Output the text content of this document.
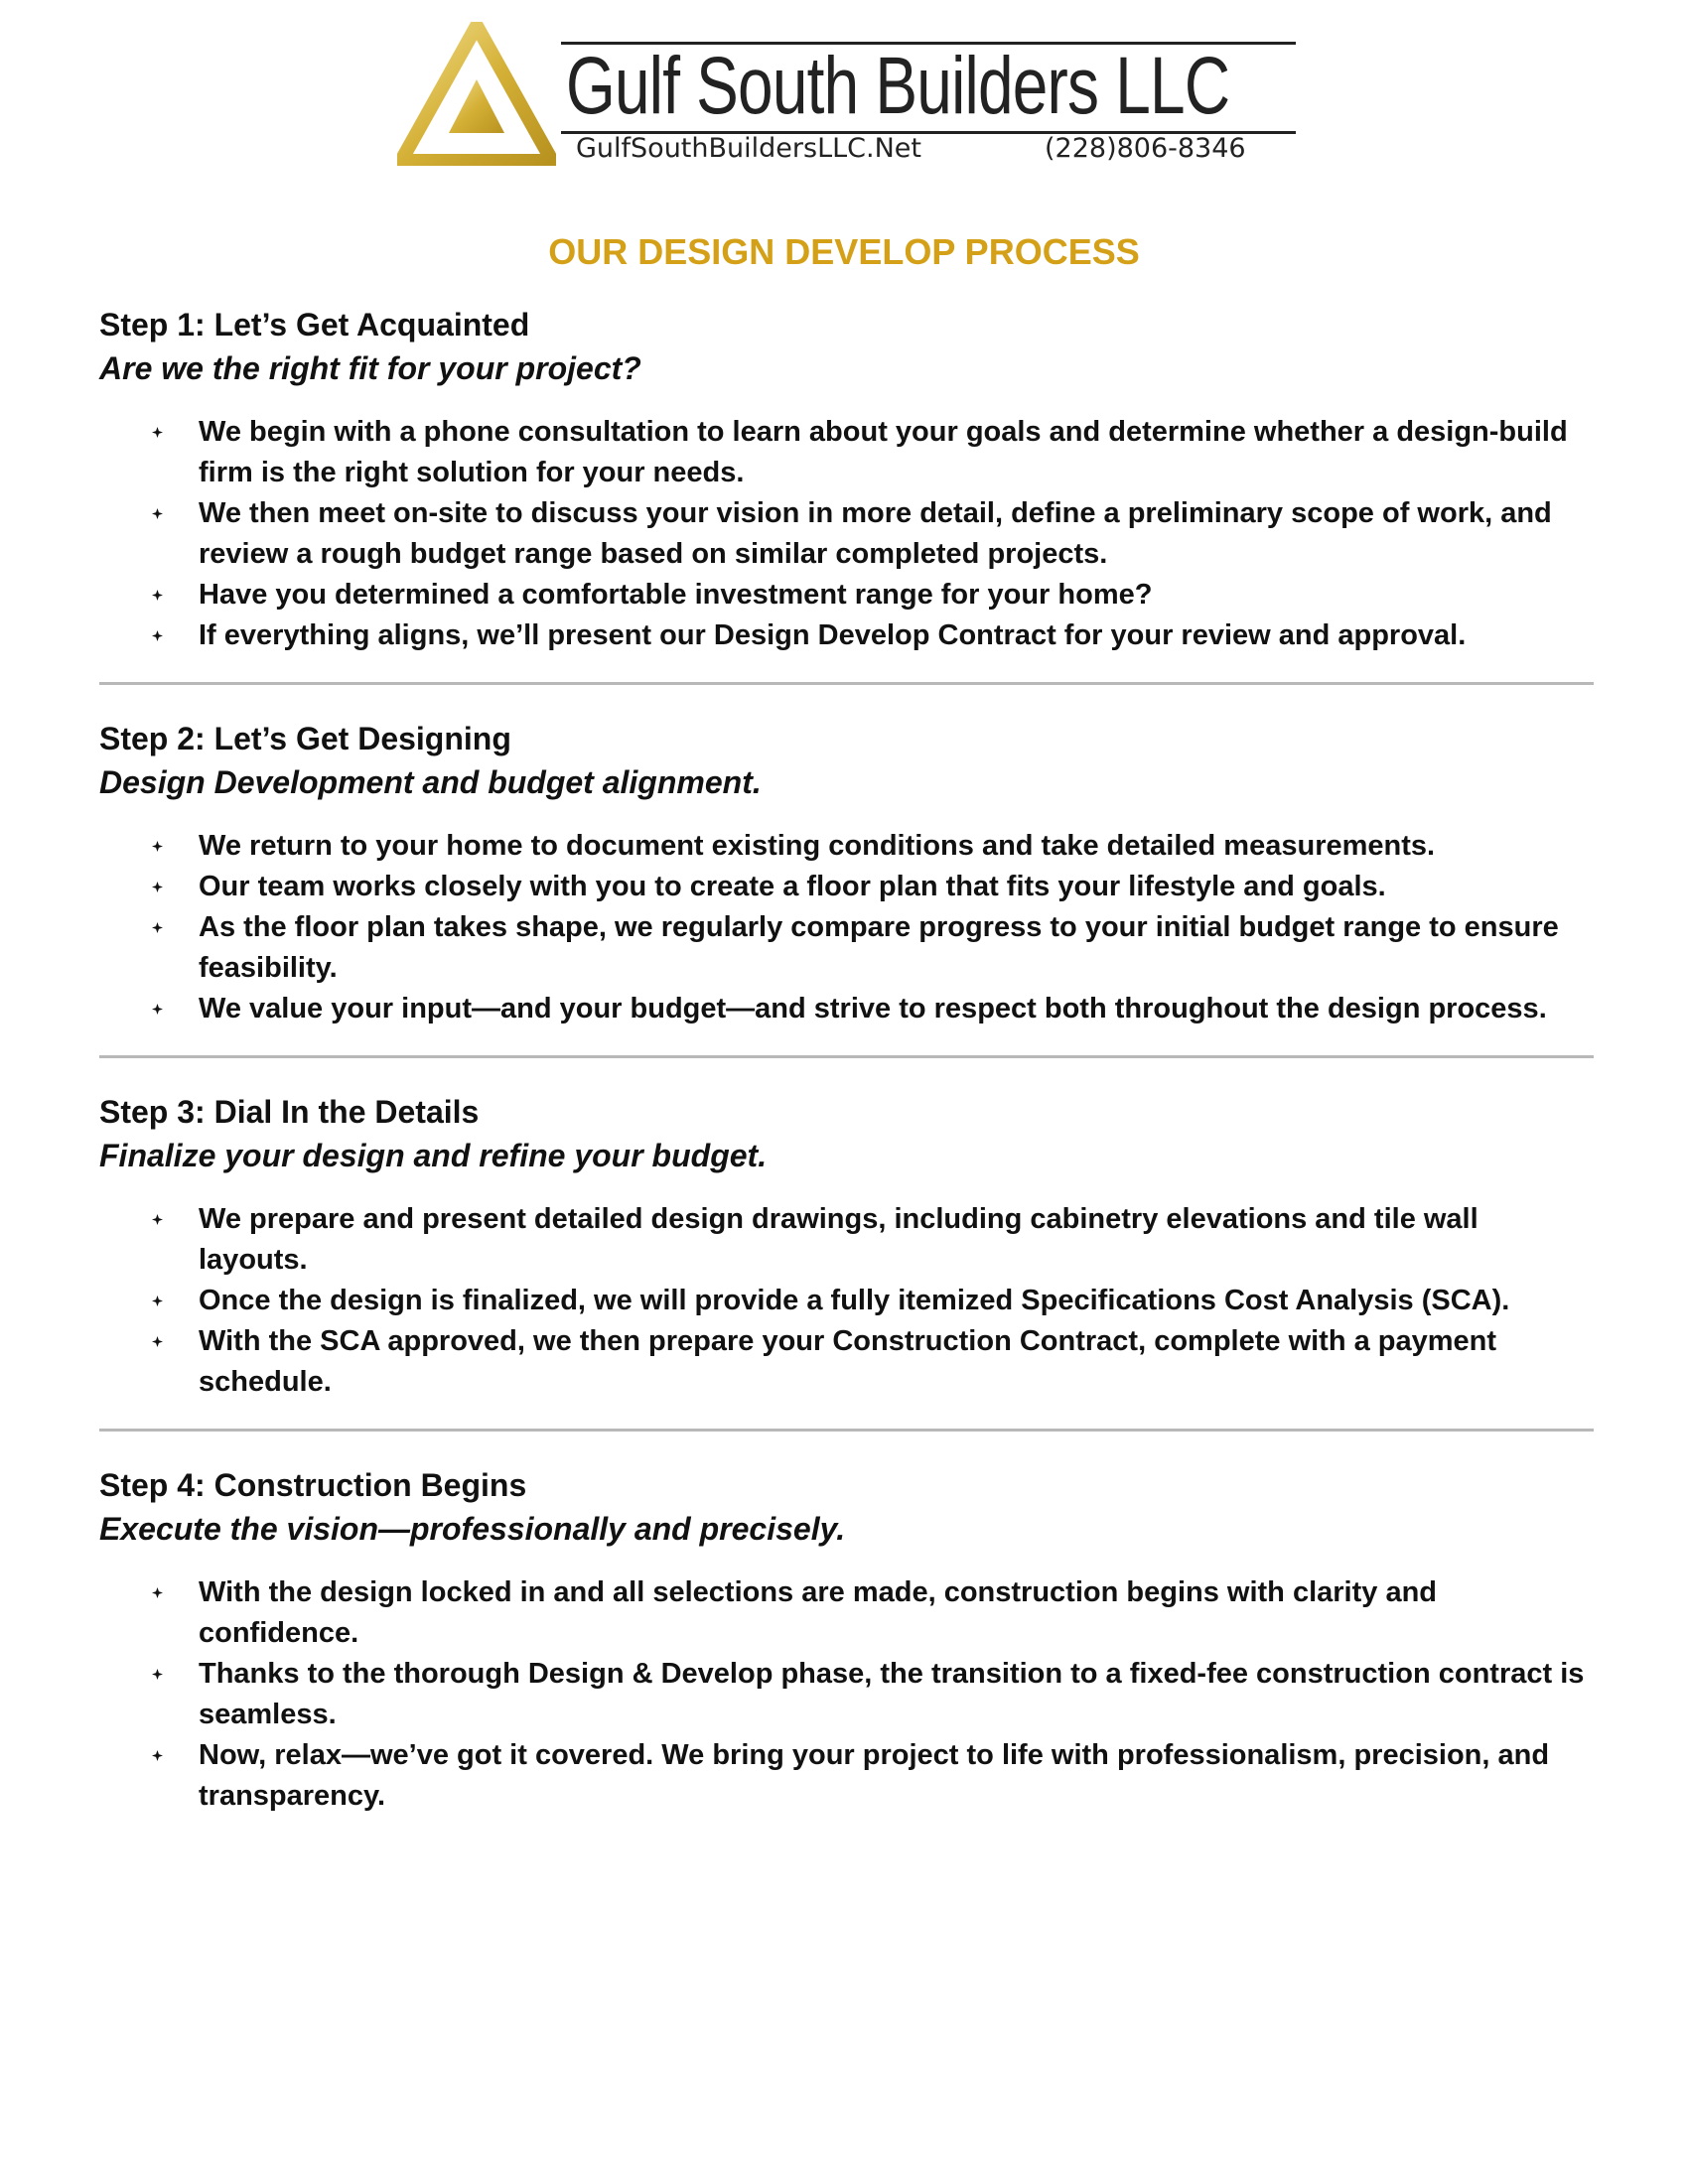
Gulf South Builders LLC
GulfSouthBuildersLLC.Net	(228)806-8346
OUR DESIGN DEVELOP PROCESS

Step 1: Let’s Get Acquainted

Are we the right fit for your project?

We begin with a phone consultation to learn about your goals and determine whether a design-build firm is the right solution for your needs.
We then meet on-site to discuss your vision in more detail, define a preliminary scope of work, and review a rough budget range based on similar completed projects.
Have you determined a comfortable investment range for your home?
If everything aligns, we’ll present our Design Develop Contract for your review and approval.

Step 2: Let’s Get Designing

Design Development and budget alignment.

We return to your home to document existing conditions and take detailed measurements.
Our team works closely with you to create a floor plan that fits your lifestyle and goals.
As the floor plan takes shape, we regularly compare progress to your initial budget range to ensure feasibility.
We value your input—and your budget—and strive to respect both throughout the design process.

Step 3: Dial In the Details

Finalize your design and refine your budget.

We prepare and present detailed design drawings, including cabinetry elevations and tile wall layouts.
Once the design is finalized, we will provide a fully itemized Specifications Cost Analysis (SCA).
With the SCA approved, we then prepare your Construction Contract, complete with a payment schedule.

Step 4: Construction Begins

Execute the vision—professionally and precisely.

With the design locked in and all selections are made, construction begins with clarity and confidence.
Thanks to the thorough Design & Develop phase, the transition to a fixed-fee construction contract is seamless.
Now, relax—we’ve got it covered. We bring your project to life with professionalism, precision, and transparency.
